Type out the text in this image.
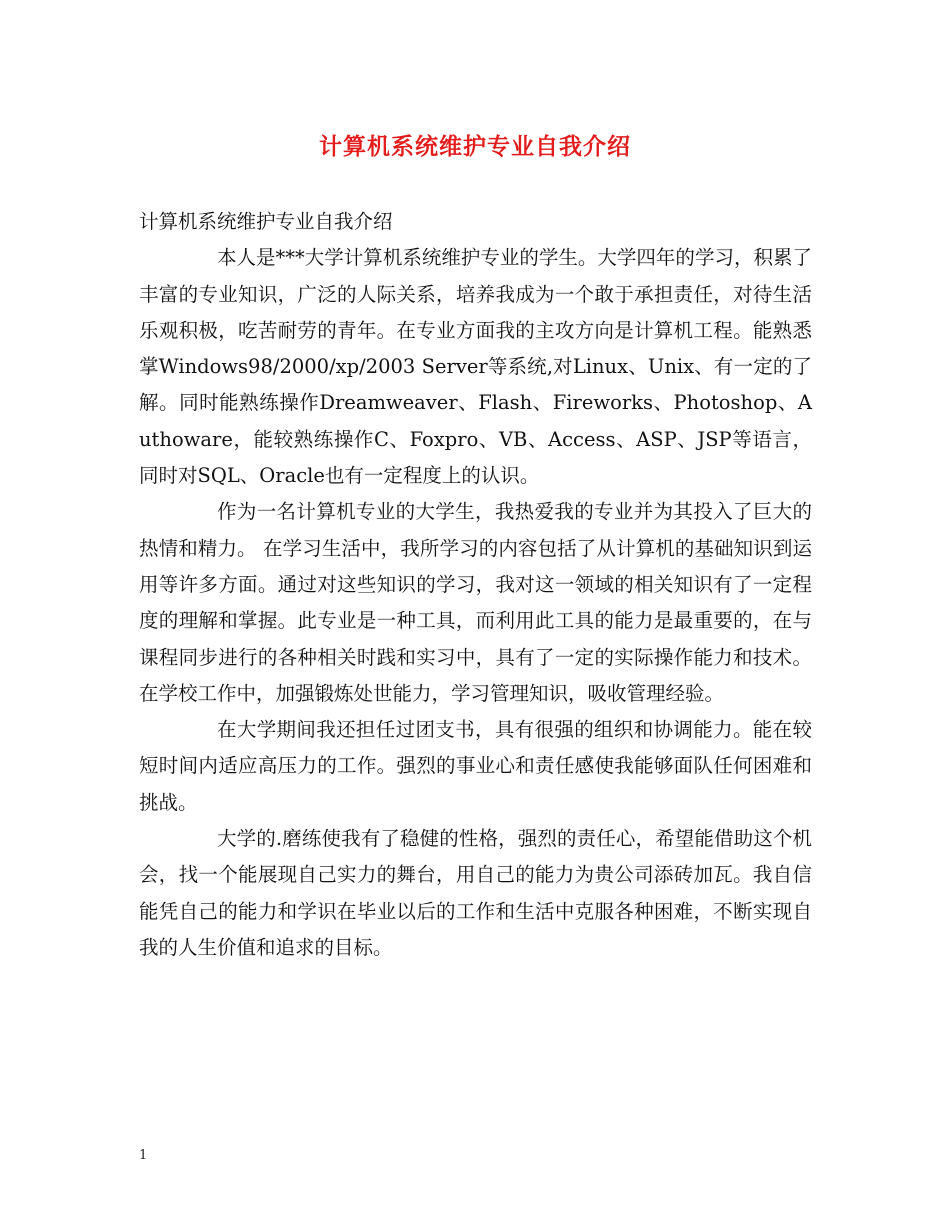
计算机系统维护专业自我介绍

计算机系统维护专业自我介绍

本人是***大学计算机系统维护专业的学生。大学四年的学习，积累了丰富的专业知识，广泛的人际关系，培养我成为一个敢于承担责任，对待生活乐观积极，吃苦耐劳的青年。在专业方面我的主攻方向是计算机工程。能熟悉掌Windows98/2000/xp/2003 Server等系统,对Linux、Unix、有一定的了解。同时能熟练操作Dreamweaver、Flash、Fireworks、Photoshop、Authoware，能较熟练操作C、Foxpro、VB、Access、ASP、JSP等语言，同时对SQL、Oracle也有一定程度上的认识。

作为一名计算机专业的大学生，我热爱我的专业并为其投入了巨大的热情和精力。 在学习生活中，我所学习的内容包括了从计算机的基础知识到运用等许多方面。通过对这些知识的学习，我对这一领域的相关知识有了一定程度的理解和掌握。此专业是一种工具，而利用此工具的能力是最重要的，在与课程同步进行的各种相关时践和实习中，具有了一定的实际操作能力和技术。在学校工作中，加强锻炼处世能力，学习管理知识，吸收管理经验。

在大学期间我还担任过团支书，具有很强的组织和协调能力。能在较短时间内适应高压力的工作。强烈的事业心和责任感使我能够面队任何困难和挑战。

大学的.磨练使我有了稳健的性格，强烈的责任心，希望能借助这个机会，找一个能展现自己实力的舞台，用自己的能力为贵公司添砖加瓦。我自信能凭自己的能力和学识在毕业以后的工作和生活中克服各种困难，不断实现自我的人生价值和追求的目标。

1
